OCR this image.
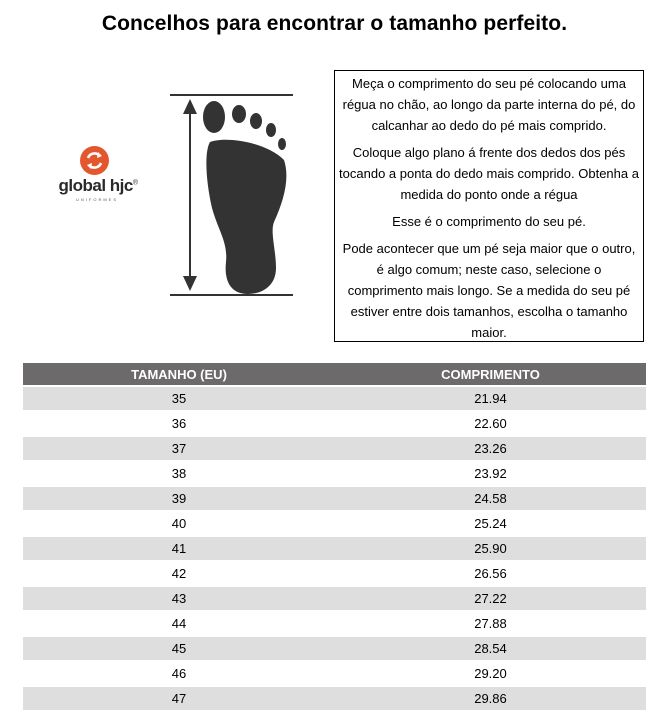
Concelhos para encontrar o tamanho perfeito.
global hjc®
UNIFORMES

Meça o comprimento do seu pé colocando uma régua no chão, ao longo da parte interna do pé, do calcanhar ao dedo do pé mais comprido.

Coloque algo plano á frente dos dedos dos pés tocando a ponta do dedo mais comprido. Obtenha a medida do ponto onde a régua

Esse é o comprimento do seu pé.

Pode acontecer que um pé seja maior que o outro, é algo comum; neste caso, selecione o comprimento mais longo. Se a medida do seu pé estiver entre dois tamanhos, escolha o tamanho maior.

TAMANHO (EU)	COMPRIMENTO
35	21.94
36	22.60
37	23.26
38	23.92
39	24.58
40	25.24
41	25.90
42	26.56
43	27.22
44	27.88
45	28.54
46	29.20
47	29.86
